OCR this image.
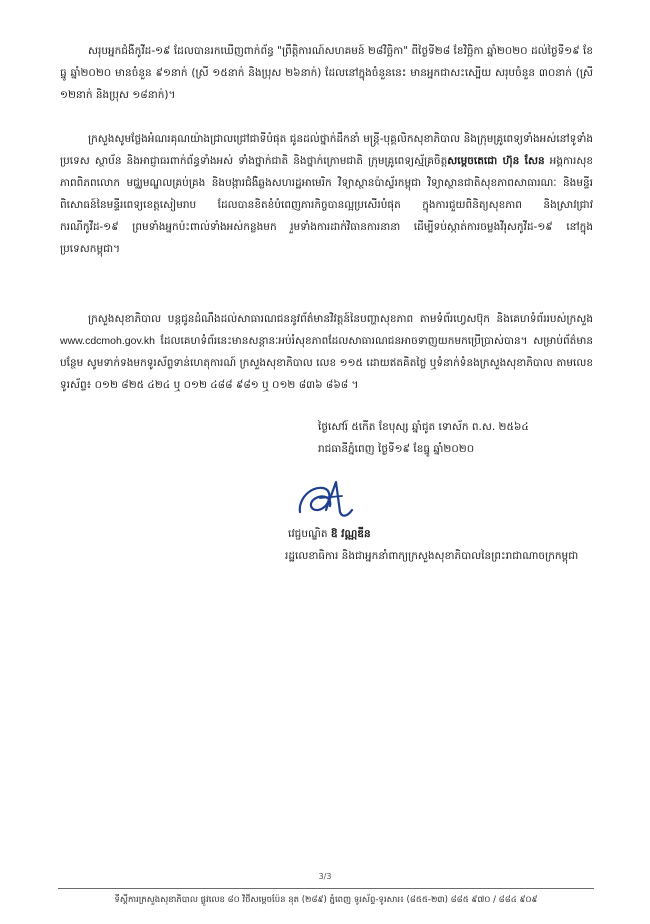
សរុបអ្នកជំងឺកូវីដ-១៩ ដែលបានរកឃើញពាក់ព័ន្ធ "ព្រឹត្តិការណ៍សហគមន៍ ២៨វិច្ឆិកា" ពីថ្ងៃទី២៨ ខែវិច្ឆិកា ឆ្នាំ២០២០ ដល់ថ្ងៃទី១៩ ខែធ្នូ ឆ្នាំ២០២០ មានចំនួន ៩១នាក់ (ស្រី ១៥នាក់ និងប្រុស ២៦នាក់) ដែលនៅក្នុងចំនួននេះ មានអ្នកជាសះស្បើយ សរុបចំនួន ៣០នាក់ (ស្រី ១២នាក់ និងប្រុស ១៨នាក់)។

ក្រសួងសូមថ្លែងអំណរគុណយ៉ាងជ្រាលជ្រៅជាទីបំផុត ជូនដល់ថ្នាក់ដឹកនាំ មន្ត្រី-បុគ្គលិកសុខាភិបាល និងក្រុមគ្រូពេទ្យទាំងអស់នៅទូទាំងប្រទេស ស្ថាប័ន និងអាជ្ញាធរពាក់ព័ន្ធទាំងអស់ ទាំងថ្នាក់ជាតិ និងថ្នាក់ក្រោមជាតិ ក្រុមគ្រូពេទ្យស្ម័គ្រចិត្តសម្តេចតេជោ ហ៊ុន សែន អង្គការសុខភាពពិភពលោក មជ្ឈមណ្ឌលគ្រប់គ្រង និងបង្ការជំងឺឆ្លងសហរដ្ឋអាមេរិក វិទ្យាស្ថានប៉ាស្ទ័រកម្ពុជា វិទ្យាស្ថានជាតិសុខភាពសាធារណៈ និងមន្ទីរពិសោធន៍នៃមន្ទីរពេទ្យខេត្តសៀមរាប ដែលបានខិតខំបំពេញភារកិច្ចបានល្អប្រសើរបំផុត ក្នុងការជួយពិនិត្យសុខភាព និងស្រាវជ្រាវករណីកូវីដ-១៩ ព្រមទាំងអ្នកប៉ះពាល់ទាំងអស់កន្លងមក រួមទាំងការដាក់វិធានការនានា ដើម្បីទប់ស្កាត់ការចម្លងវីរុសកូវីដ-១៩ នៅក្នុងប្រទេសកម្ពុជា។

ក្រសួងសុខាភិបាល បន្តជូនដំណឹងដល់សាធារណជននូវព័ត៌មានវិវត្តន៍នៃបញ្ហាសុខភាព តាមទំព័រហ្វេសប៊ុក និងគេហទំព័ររបស់ក្រសួង www.cdcmoh.gov.kh ដែលគេហទំព័រនេះមានសន្តានៈអប់រំសុខភាពដែលសាធារណជនអាចទាញយកមកប្រើប្រាស់បាន។ សម្រាប់ព័ត៌មានបន្ថែម សូមទាក់ទងមកទូរស័ព្ទទាន់ហេតុការណ៍ ក្រសួងសុខាភិបាល លេខ ១១៥ ដោយឥតគិតថ្លៃ ឬទំនាក់ទំនងក្រសួងសុខាភិបាល តាមលេខទូរស័ព្ទ៖ ០១២ ៨២៥ ៤២៤ ឬ ០១២ ៤៨៨ ៩៨១ ឬ ០១២ ៨៣៦ ៨៦៨ ។

ថ្ងៃសៅរ៍ ៥កើត ខែបុស្ស ឆ្នាំជូត ទោស័ក ព.ស. ២៥៦៤
រាជធានីភ្នំពេញ ថ្ងៃទី១៩ ខែធ្នូ ឆ្នាំ២០២០
វេជ្ជបណ្ឌិត ឱ វណ្ណឌីន
រដ្ឋលេខាធិការ និងជាអ្នកនាំពាក្យក្រសួងសុខាភិបាលនៃព្រះរាជាណាចក្រកម្ពុជា
3/3
ទីស្តីការក្រសួងសុខាភិបាល ផ្លូវលេខ ៨០ វិថីសម្ដេចប៉ែន នុត (២៨៩) ភ្នំពេញ ទូរស័ព្ទ-ទូរសារ៖ (៨៥៥-២៣) ៨៨៥ ៩៧០ / ៨៨៤ ៩០៩
